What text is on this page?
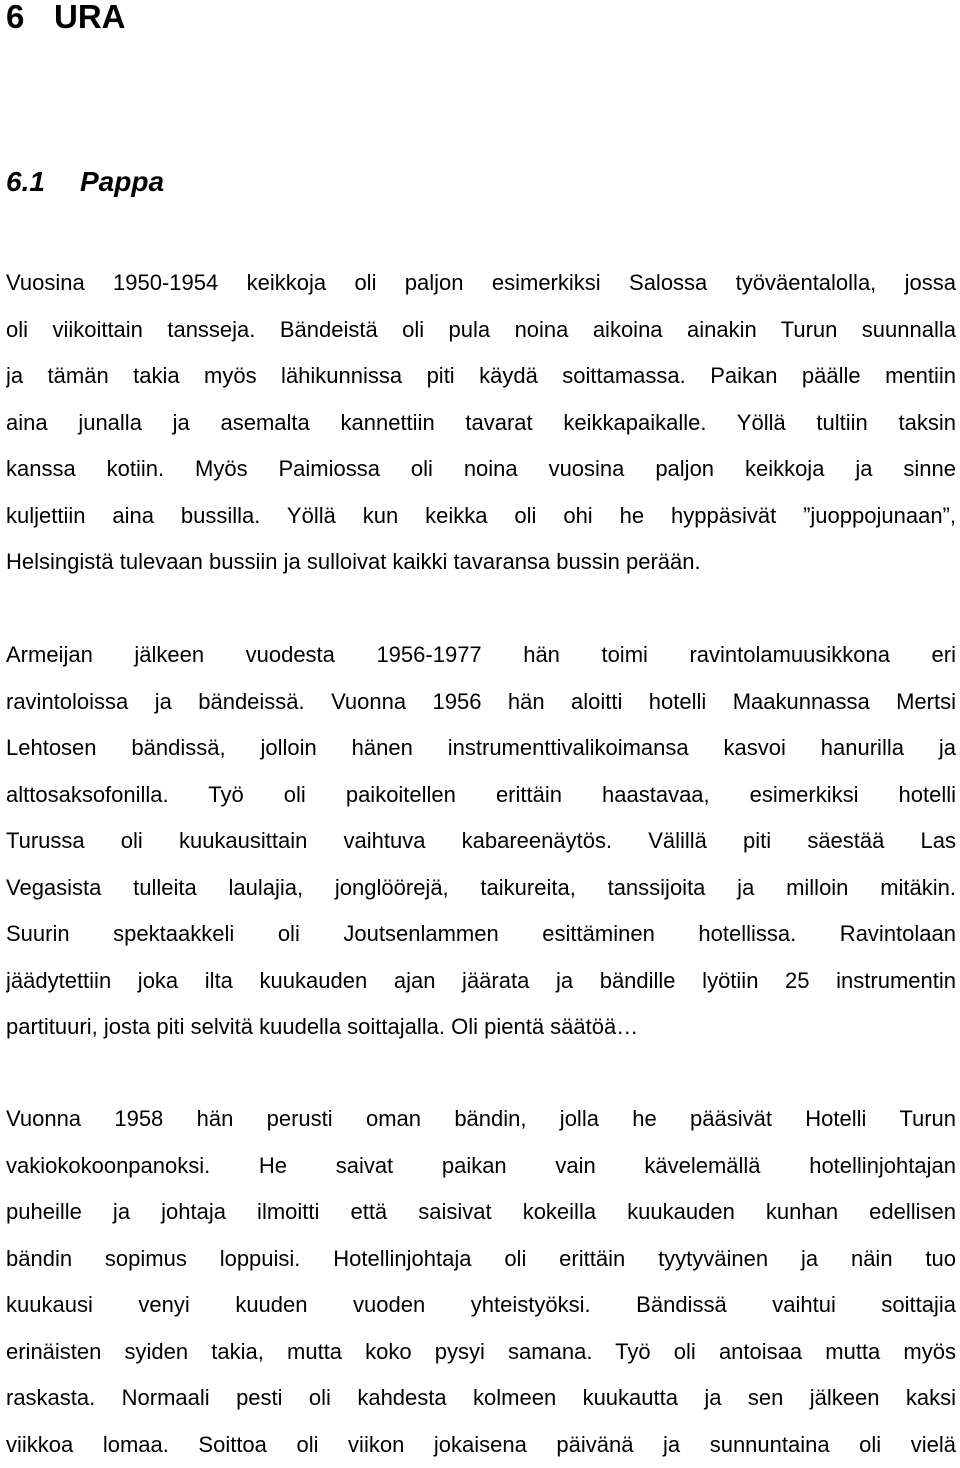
6 URA
6.1 Pappa

Vuosina 1950-1954 keikkoja oli paljon esimerkiksi Salossa työväentalolla, jossa
oli viikoittain tansseja. Bändeistä oli pula noina aikoina ainakin Turun suunnalla
ja tämän takia myös lähikunnissa piti käydä soittamassa. Paikan päälle mentiin
aina junalla ja asemalta kannettiin tavarat keikkapaikalle. Yöllä tultiin taksin
kanssa kotiin. Myös Paimiossa oli noina vuosina paljon keikkoja ja sinne
kuljettiin aina bussilla. Yöllä kun keikka oli ohi he hyppäsivät ”juoppojunaan”,
Helsingistä tulevaan bussiin ja sulloivat kaikki tavaransa bussin perään.

Armeijan jälkeen vuodesta 1956-1977 hän toimi ravintolamuusikkona eri
ravintoloissa ja bändeissä. Vuonna 1956 hän aloitti hotelli Maakunnassa Mertsi
Lehtosen bändissä, jolloin hänen instrumenttivalikoimansa kasvoi hanurilla ja
alttosaksofonilla. Työ oli paikoitellen erittäin haastavaa, esimerkiksi hotelli
Turussa oli kuukausittain vaihtuva kabareenäytös. Välillä piti säestää Las
Vegasista tulleita laulajia, jonglöörejä, taikureita, tanssijoita ja milloin mitäkin.
Suurin spektaakkeli oli Joutsenlammen esittäminen hotellissa. Ravintolaan
jäädytettiin joka ilta kuukauden ajan jäärata ja bändille lyötiin 25 instrumentin
partituuri, josta piti selvitä kuudella soittajalla. Oli pientä säätöä…

Vuonna 1958 hän perusti oman bändin, jolla he pääsivät Hotelli Turun
vakiokokoonpanoksi. He saivat paikan vain kävelemällä hotellinjohtajan
puheille ja johtaja ilmoitti että saisivat kokeilla kuukauden kunhan edellisen
bändin sopimus loppuisi. Hotellinjohtaja oli erittäin tyytyväinen ja näin tuo
kuukausi venyi kuuden vuoden yhteistyöksi. Bändissä vaihtui soittajia
erinäisten syiden takia, mutta koko pysyi samana. Työ oli antoisaa mutta myös
raskasta. Normaali pesti oli kahdesta kolmeen kuukautta ja sen jälkeen kaksi
viikkoa lomaa. Soittoa oli viikon jokaisena päivänä ja sunnuntaina oli vielä
